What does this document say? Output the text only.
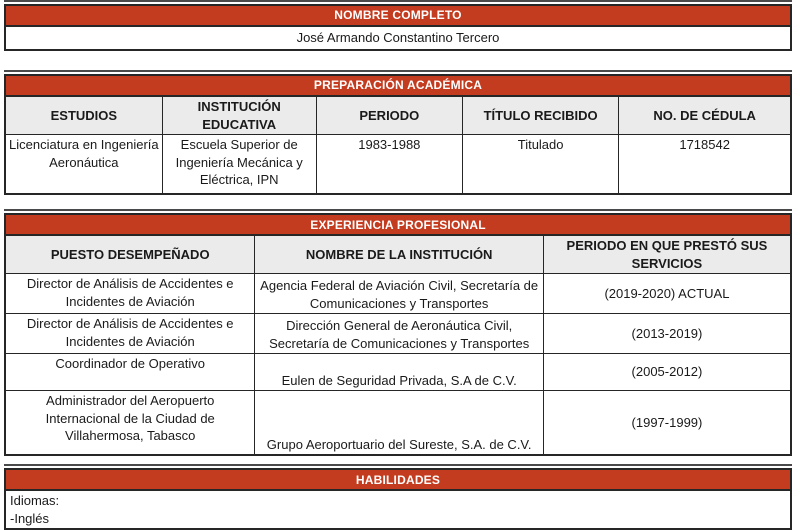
NOMBRE COMPLETO
José Armando Constantino Tercero
PREPARACIÓN ACADÉMICA				
ESTUDIOS	INSTITUCIÓN EDUCATIVA	PERIODO	TÍTULO RECIBIDO	NO. DE CÉDULA
Licenciatura en Ingeniería Aeronáutica	Escuela Superior de Ingeniería Mecánica y Eléctrica, IPN	1983-1988	Titulado	1718542
EXPERIENCIA PROFESIONAL		
PUESTO DESEMPEÑADO	NOMBRE DE LA INSTITUCIÓN	PERIODO EN QUE PRESTÓ SUS SERVICIOS
Director de Análisis de Accidentes e Incidentes de Aviación	Agencia Federal de Aviación Civil, Secretaría de Comunicaciones y Transportes	(2019-2020) ACTUAL
Director de Análisis de Accidentes e Incidentes de Aviación	Dirección General de Aeronáutica Civil, Secretaría de Comunicaciones y Transportes	(2013-2019)
Coordinador de Operativo	Eulen de Seguridad Privada, S.A de C.V.	(2005-2012)
Administrador del Aeropuerto Internacional de la Ciudad de Villahermosa, Tabasco	Grupo Aeroportuario del Sureste, S.A. de C.V.	(1997-1999)
HABILIDADES

Idiomas:
-Inglés
